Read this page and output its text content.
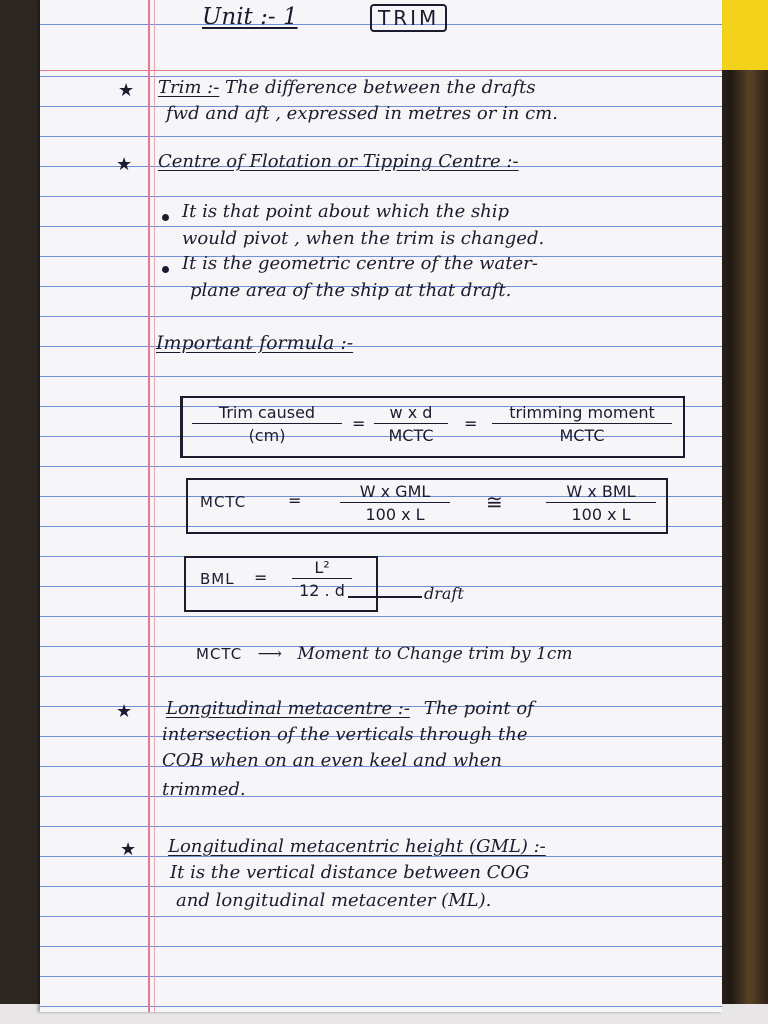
Unit :- 1	TRIM
★ Trim :- The difference between the drafts
fwd and aft , expressed in metres or in cm.
★ Centre of Flotation or Tipping Centre :-
It is that point about which the ship
would pivot , when the trim is changed.
It is the geometric centre of the water-
plane area of the ship at that draft.
Important formula :-
Trim caused
(cm)
=
w x d
MCTC
=
trimming moment
MCTC
MCTC	=	W x GML
100 x L
≅	W x BML
100 x L
BML = $\frac{\text{L²}}{12 . d}$	draft
MCTC ⟶ Moment to Change trim by 1cm
★ Longitudinal metacentre :- The point of
intersection of the verticals through the
COB when on an even keel and when
trimmed.
★ Longitudinal metacentric height (GML) :-
It is the vertical distance between COG
and longitudinal metacenter (ML).
